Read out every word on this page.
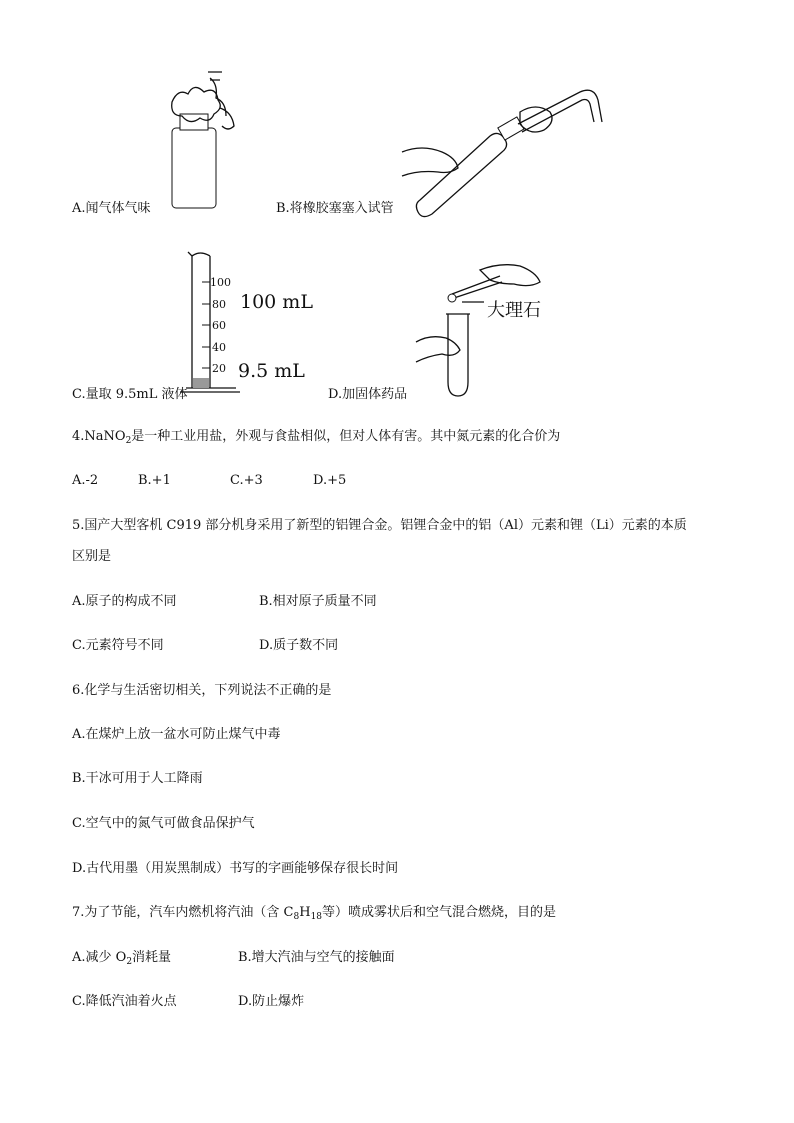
A.闻气体气味	B.将橡胶塞塞入试管
100
80
60
40
20
100 mL
9.5 mL
C.量取 9.5mL 液体
大理石
D.加固体药品
4.NaNO$_2$是一种工业用盐，外观与食盐相似，但对人体有害。其中氮元素的化合价为
A.-2	B.+1	C.+3	D.+5
5.国产大型客机 C919 部分机身采用了新型的铝锂合金。铝锂合金中的铝（Al）元素和锂（Li）元素的本质
区别是
A.原子的构成不同	B.相对原子质量不同
C.元素符号不同	D.质子数不同
6.化学与生活密切相关，下列说法不正确的是
A.在煤炉上放一盆水可防止煤气中毒
B.干冰可用于人工降雨
C.空气中的氮气可做食品保护气
D.古代用墨（用炭黑制成）书写的字画能够保存很长时间
7.为了节能，汽车内燃机将汽油（含 $C_8H_{18}$等）喷成雾状后和空气混合燃烧，目的是
A.减少 $O_2$消耗量	B.增大汽油与空气的接触面
C.降低汽油着火点	D.防止爆炸
